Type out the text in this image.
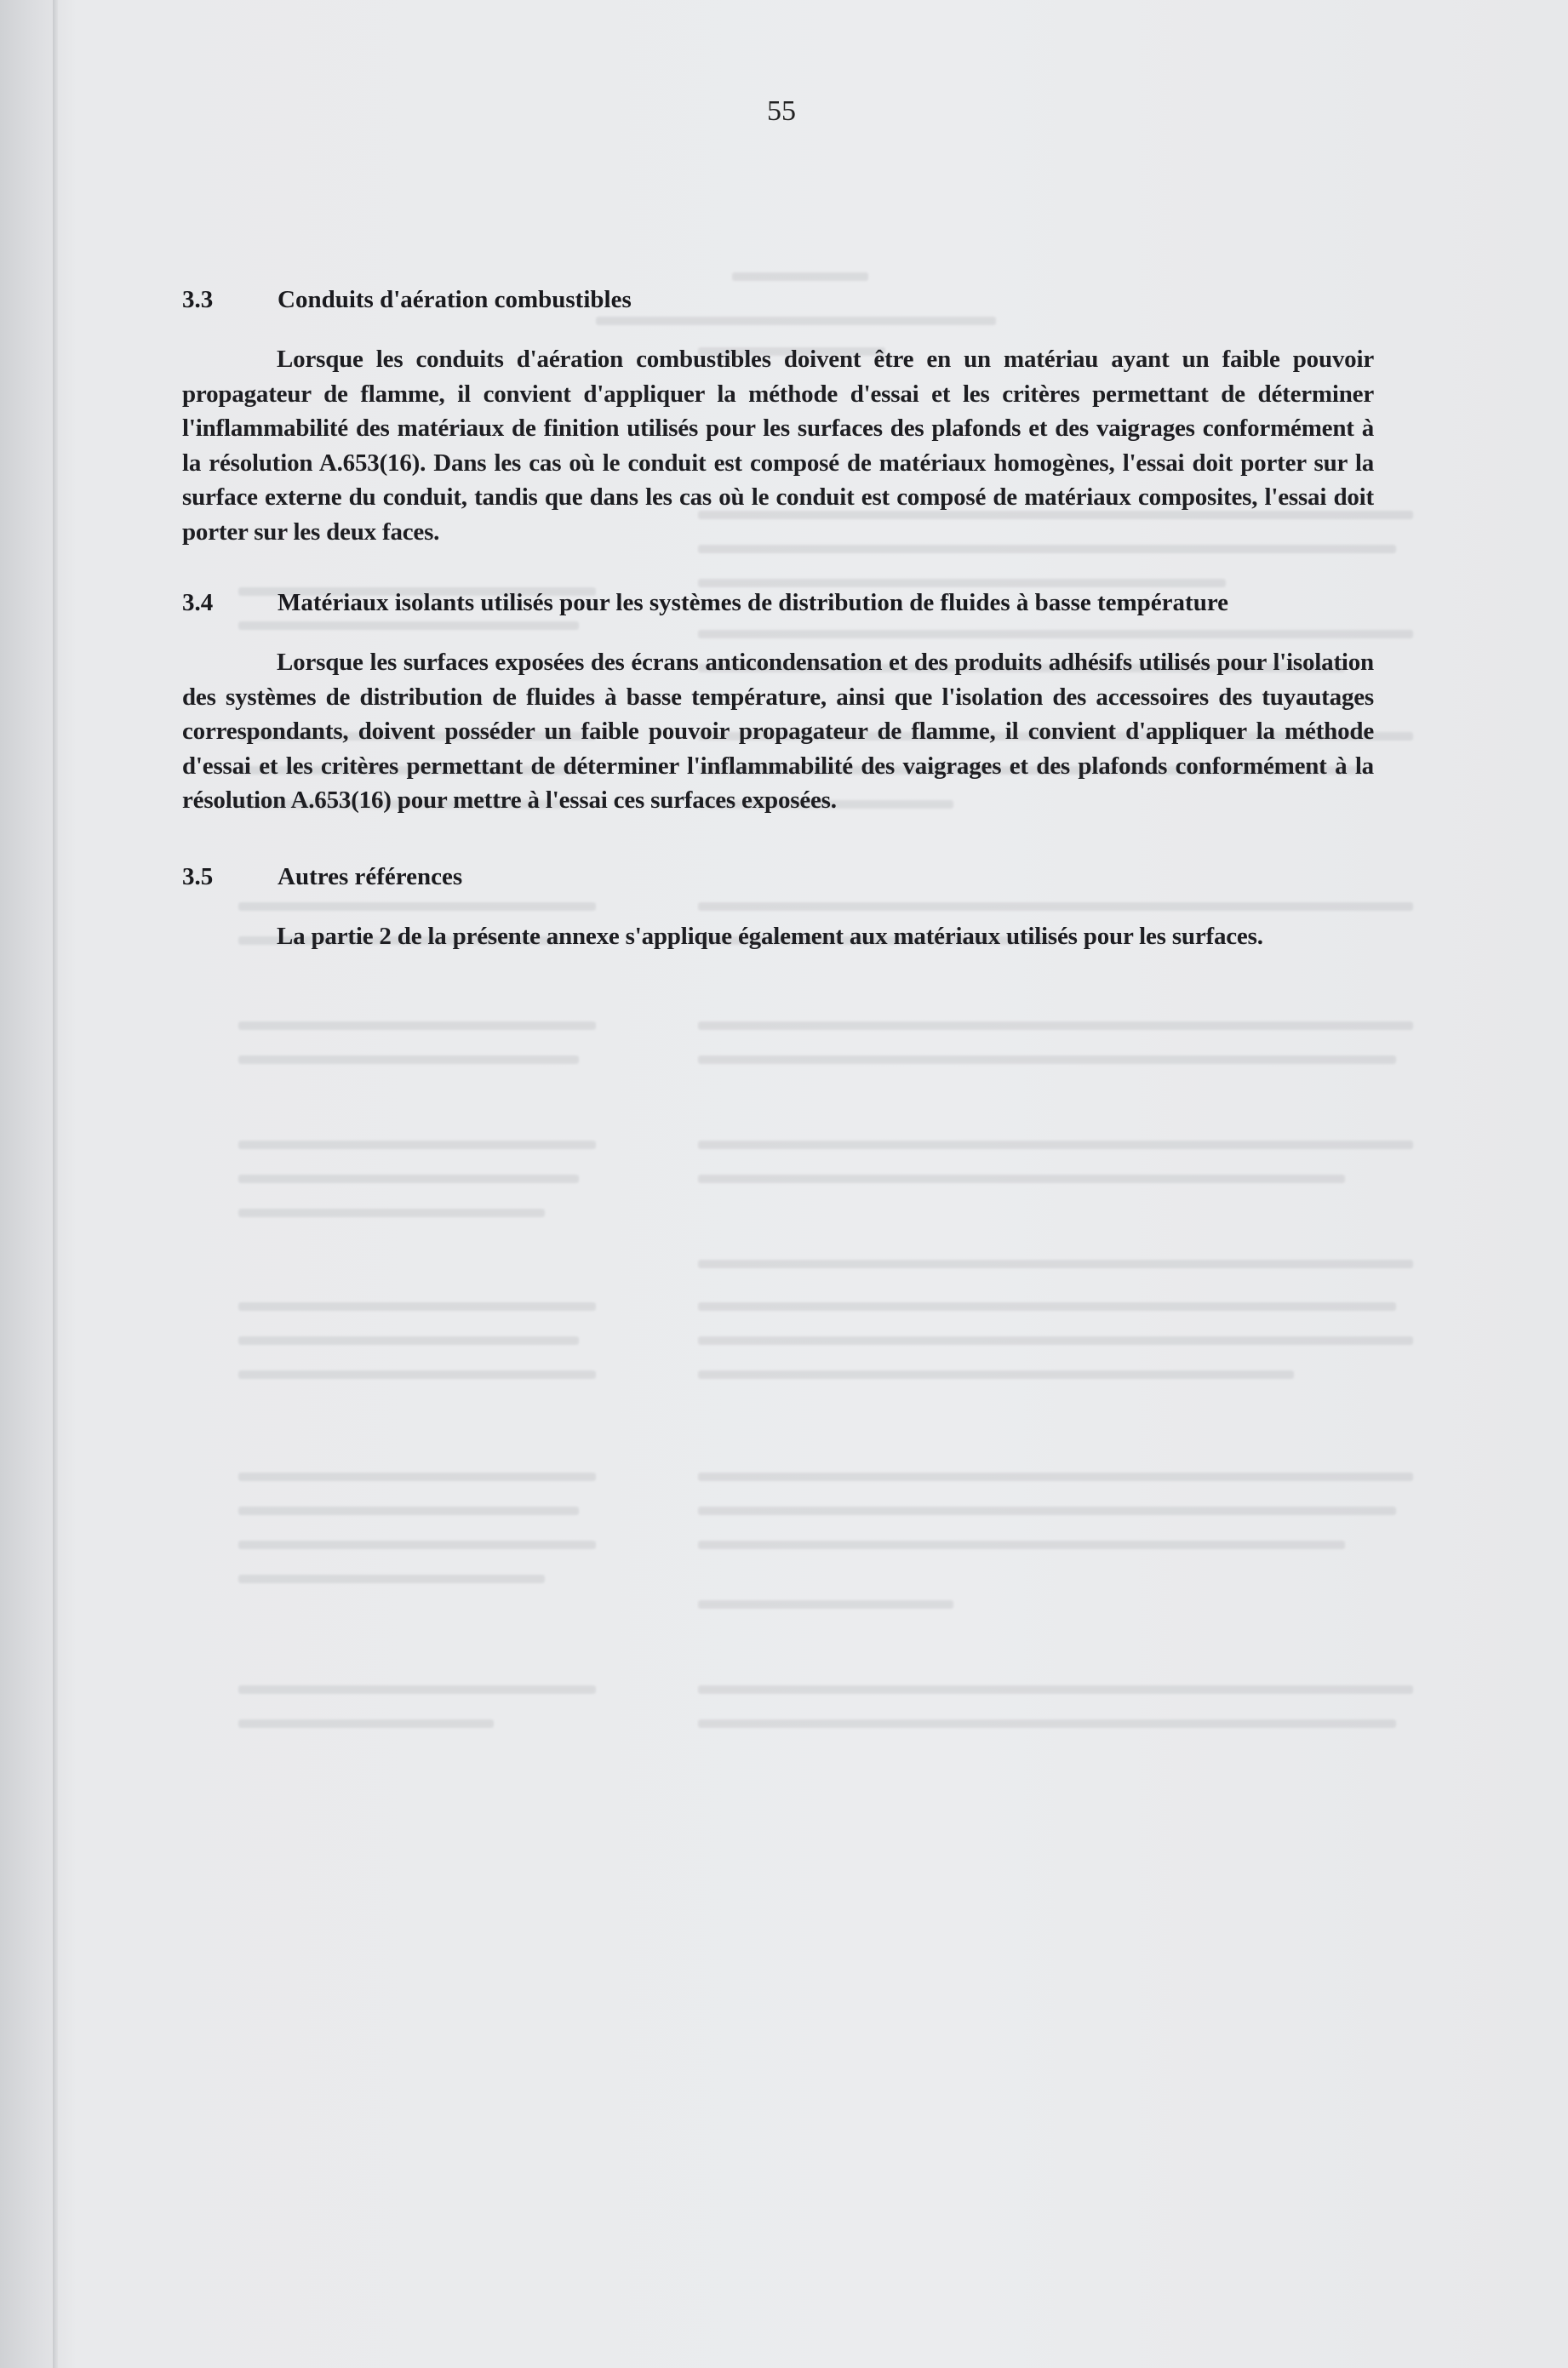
55
3.3	Conduits d'aération combustibles
Lorsque les conduits d'aération combustibles doivent être en un matériau ayant un faible pouvoir propagateur de flamme, il convient d'appliquer la méthode d'essai et les critères permettant de déterminer l'inflammabilité des matériaux de finition utilisés pour les surfaces des plafonds et des vaigrages conformément à la résolution A.653(16). Dans les cas où le conduit est composé de matériaux homogènes, l'essai doit porter sur la surface externe du conduit, tandis que dans les cas où le conduit est composé de matériaux composites, l'essai doit porter sur les deux faces.
3.4	Matériaux isolants utilisés pour les systèmes de distribution de fluides à basse température
Lorsque les surfaces exposées des écrans anticondensation et des produits adhésifs utilisés pour l'isolation des systèmes de distribution de fluides à basse température, ainsi que l'isolation des accessoires des tuyautages correspondants, doivent posséder un faible pouvoir propagateur de flamme, il convient d'appliquer la méthode d'essai et les critères permettant de déterminer l'inflammabilité des vaigrages et des plafonds conformément à la résolution A.653(16) pour mettre à l'essai ces surfaces exposées.
3.5	Autres références
La partie 2 de la présente annexe s'applique également aux matériaux utilisés pour les surfaces.
